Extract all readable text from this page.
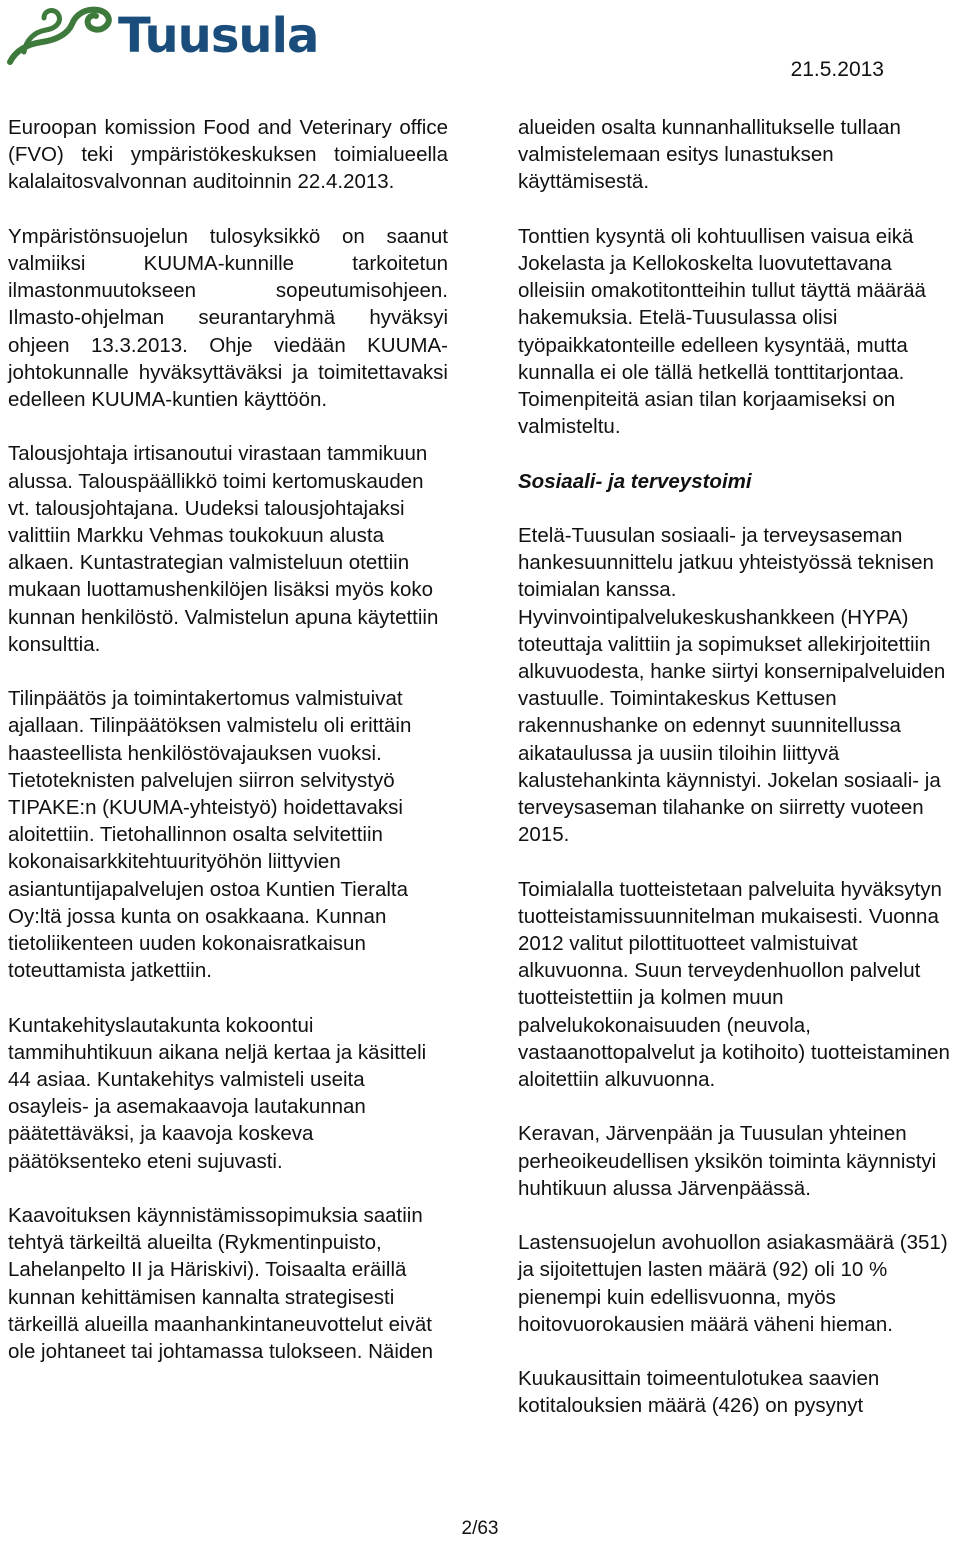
Tuusula
21.5.2013

Euroopan komission Food and Veterinary office (FVO) teki ympäristökeskuksen toimialueella kalalaitosvalvonnan auditoinnin 22.4.2013.

Ympäristönsuojelun tulosyksikkö on saanut valmiiksi KUUMA-kunnille tarkoitetun ilmastonmuutokseen sopeutumisohjeen. Ilmasto-ohjelman seurantaryhmä hyväksyi ohjeen 13.3.2013. Ohje viedään KUUMA-johtokunnalle hyväksyttäväksi ja toimitettavaksi edelleen KUUMA-kuntien käyttöön.

Talousjohtaja irtisanoutui virastaan tammikuun alussa. Talouspäällikkö toimi kertomuskauden vt. talousjohtajana. Uudeksi talousjohtajaksi valittiin Markku Vehmas toukokuun alusta alkaen. Kuntastrategian valmisteluun otettiin mukaan luottamushenkilöjen lisäksi myös koko kunnan henkilöstö. Valmistelun apuna käytettiin konsulttia.

Tilinpäätös ja toimintakertomus valmistuivat ajallaan. Tilinpäätöksen valmistelu oli erittäin haasteellista henkilöstövajauksen vuoksi. Tietoteknisten palvelujen siirron selvitystyö TIPAKE:n (KUUMA-yhteistyö) hoidettavaksi aloitettiin. Tietohallinnon osalta selvitettiin kokonaisarkkitehtuurityöhön liittyvien asiantuntijapalvelujen ostoa Kuntien Tieralta Oy:ltä jossa kunta on osakkaana. Kunnan tietoliikenteen uuden kokonaisratkaisun toteuttamista jatkettiin.

Kuntakehityslautakunta kokoontui tammihuhtikuun aikana neljä kertaa ja käsitteli 44 asiaa. Kuntakehitys valmisteli useita osayleis- ja asemakaavoja lautakunnan päätettäväksi, ja kaavoja koskeva päätöksenteko eteni sujuvasti.

Kaavoituksen käynnistämissopimuksia saatiin tehtyä tärkeiltä alueilta (Rykmentinpuisto, Lahelanpelto II ja Häriskivi). Toisaalta eräillä kunnan kehittämisen kannalta strategisesti tärkeillä alueilla maanhankintaneuvottelut eivät ole johtaneet tai johtamassa tulokseen. Näiden

alueiden osalta kunnanhallitukselle tullaan valmistelemaan esitys lunastuksen käyttämisestä.

Tonttien kysyntä oli kohtuullisen vaisua eikä Jokelasta ja Kellokoskelta luovutettavana olleisiin omakotitontteihin tullut täyttä määrää hakemuksia. Etelä-Tuusulassa olisi työpaikkatonteille edelleen kysyntää, mutta kunnalla ei ole tällä hetkellä tonttitarjontaa. Toimenpiteitä asian tilan korjaamiseksi on valmisteltu.

Sosiaali- ja terveystoimi

Etelä-Tuusulan sosiaali- ja terveysaseman hankesuunnittelu jatkuu yhteistyössä teknisen toimialan kanssa. Hyvinvointipalvelukeskushankkeen (HYPA) toteuttaja valittiin ja sopimukset allekirjoitettiin alkuvuodesta, hanke siirtyi konsernipalveluiden vastuulle. Toimintakeskus Kettusen rakennushanke on edennyt suunnitellussa aikataulussa ja uusiin tiloihin liittyvä kalustehankinta käynnistyi. Jokelan sosiaali- ja terveysaseman tilahanke on siirretty vuoteen 2015.

Toimialalla tuotteistetaan palveluita hyväksytyn tuotteistamissuunnitelman mukaisesti. Vuonna 2012 valitut pilottituotteet valmistuivat alkuvuonna. Suun terveydenhuollon palvelut tuotteistettiin ja kolmen muun palvelukokonaisuuden (neuvola, vastaanottopalvelut ja kotihoito) tuotteistaminen aloitettiin alkuvuonna.

Keravan, Järvenpään ja Tuusulan yhteinen perheoikeudellisen yksikön toiminta käynnistyi huhtikuun alussa Järvenpäässä.

Lastensuojelun avohuollon asiakasmäärä (351) ja sijoitettujen lasten määrä (92) oli 10 % pienempi kuin edellisvuonna, myös hoitovuorokausien määrä väheni hieman.

Kuukausittain toimeentulotukea saavien kotitalouksien määrä (426) on pysynyt

2/63
